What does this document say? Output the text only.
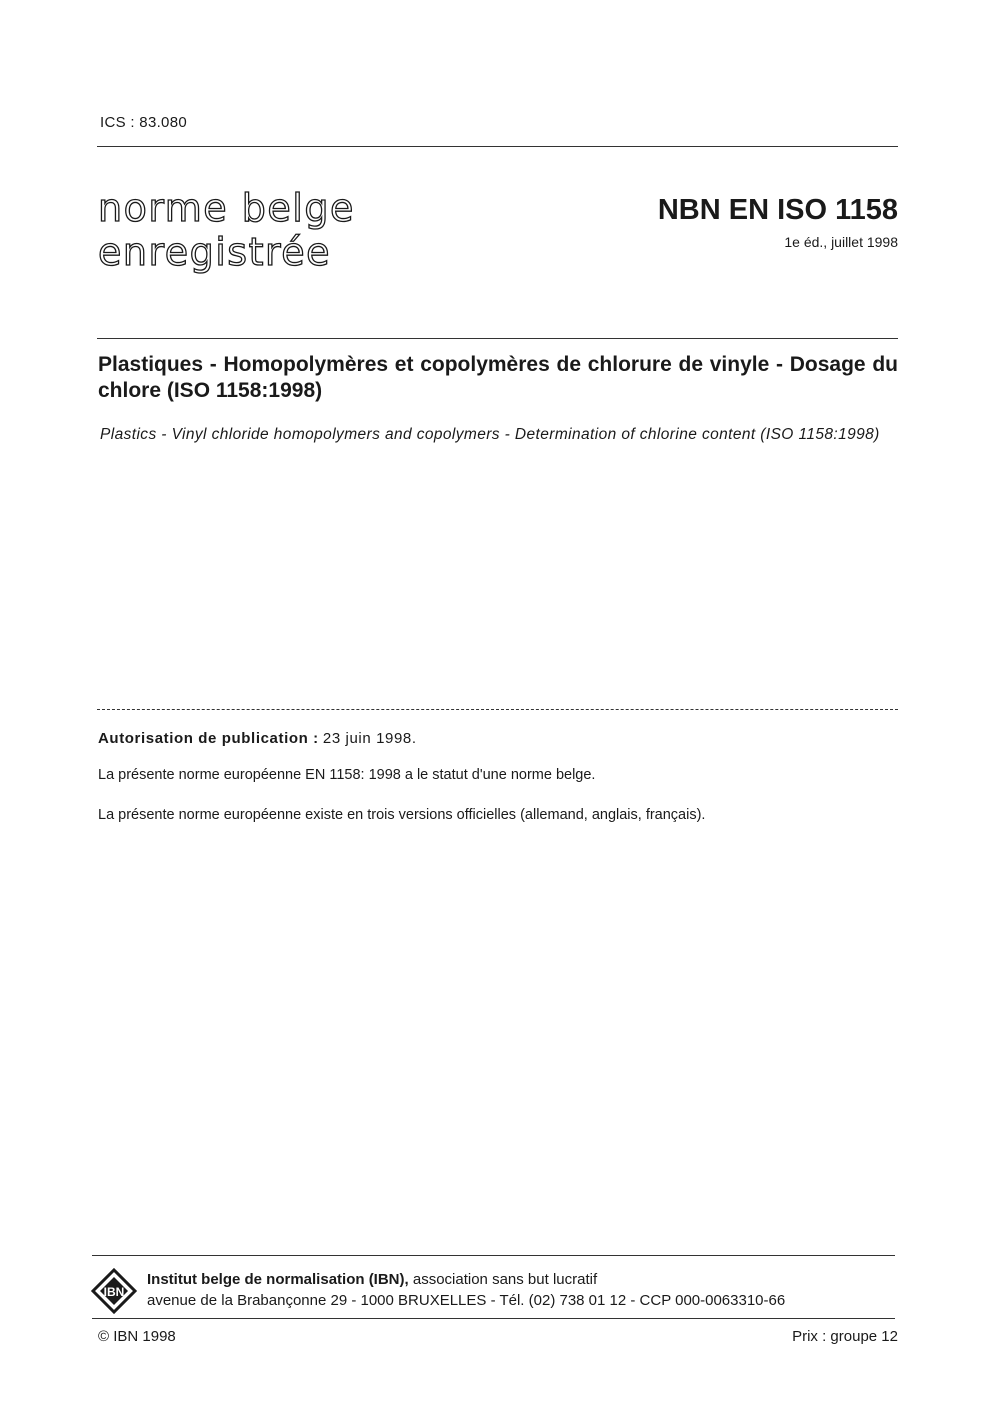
ICS : 83.080
norme belge
enregistrée
NBN EN ISO 1158
1e éd., juillet 1998
Plastiques - Homopolymères et copolymères de chlorure de vinyle - Dosage du chlore (ISO 1158:1998)
Plastics - Vinyl chloride homopolymers and copolymers - Determination of chlorine content (ISO 1158:1998)
Autorisation de publication : 23 juin 1998.
La présente norme européenne EN 1158: 1998 a le statut d'une norme belge.
La présente norme européenne existe en trois versions officielles (allemand, anglais, français).
IBN
Institut belge de normalisation (IBN), association sans but lucratif
avenue de la Brabançonne 29 - 1000 BRUXELLES - Tél. (02) 738 01 12 - CCP 000-0063310-66
© IBN 1998	Prix : groupe 12
